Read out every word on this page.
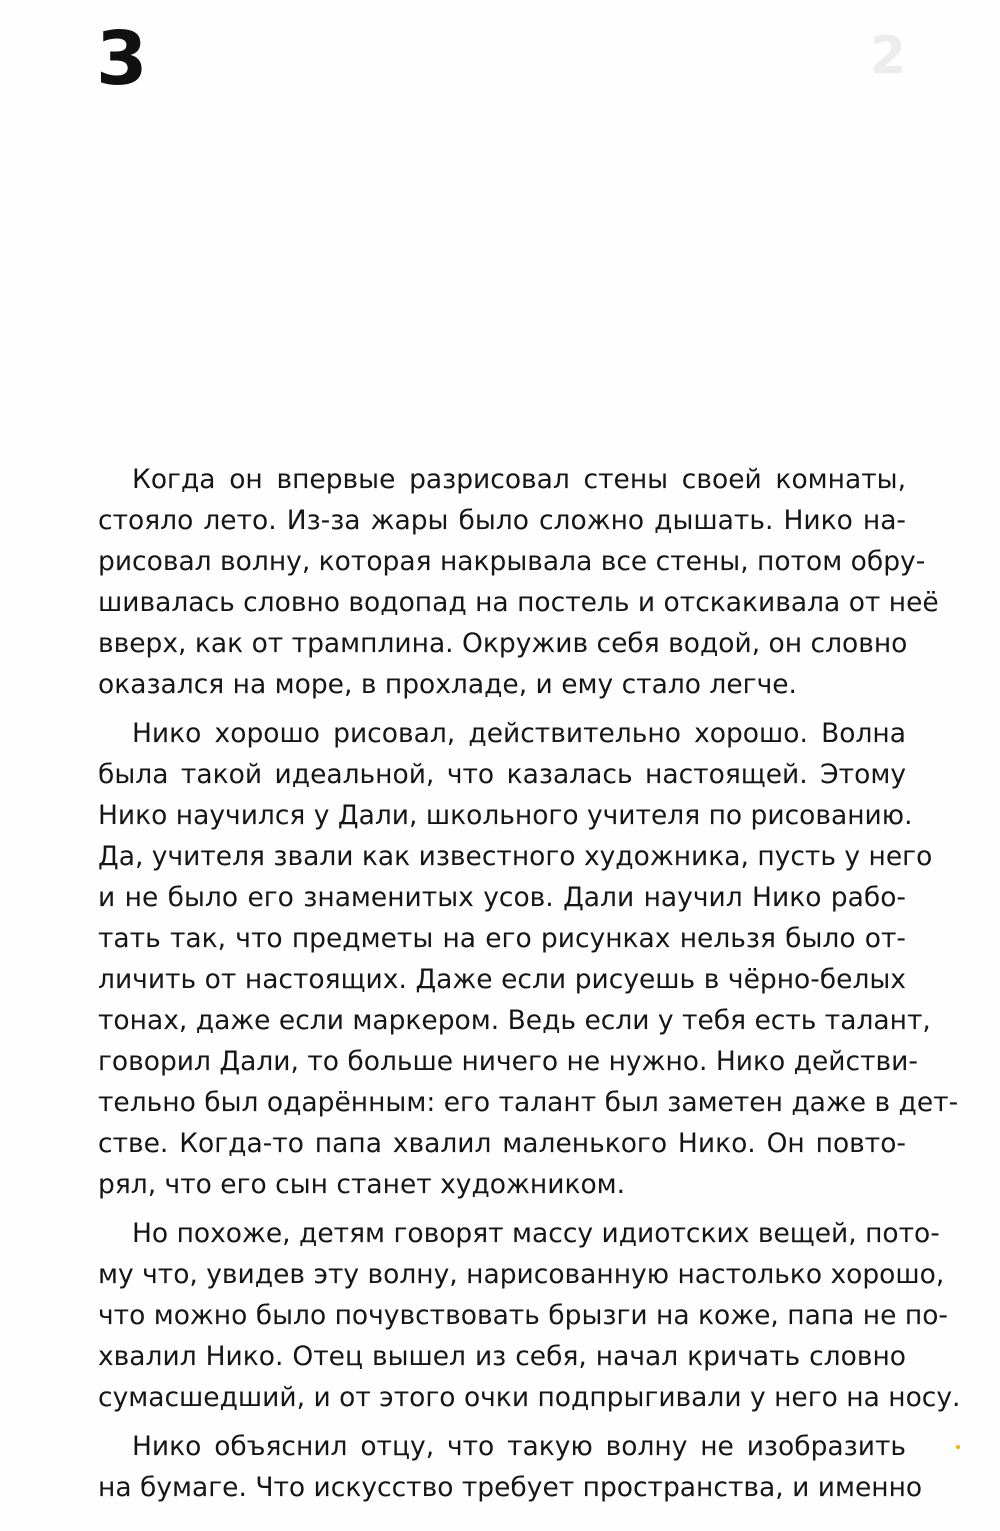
2
3
Когда он впервые разрисовал стены своей комнаты,
стояло лето. Из-за жары было сложно дышать. Нико на-
рисовал волну, которая накрывала все стены, потом обру-
шивалась словно водопад на постель и отскакивала от неё
вверх, как от трамплина. Окружив себя водой, он словно
оказался на море, в прохладе, и ему стало легче.
Нико хорошо рисовал, действительно хорошо. Волна
была такой идеальной, что казалась настоящей. Этому
Нико научился у Дали, школьного учителя по рисованию.
Да, учителя звали как известного художника, пусть у него
и не было его знаменитых усов. Дали научил Нико рабо-
тать так, что предметы на его рисунках нельзя было от-
личить от настоящих. Даже если рисуешь в чёрно-белых
тонах, даже если маркером. Ведь если у тебя есть талант,
говорил Дали, то больше ничего не нужно. Нико действи-
тельно был одарённым: его талант был заметен даже в дет-
стве. Когда-то папа хвалил маленького Нико. Он повто-
рял, что его сын станет художником.
Но похоже, детям говорят массу идиотских вещей, пото-
му что, увидев эту волну, нарисованную настолько хорошо,
что можно было почувствовать брызги на коже, папа не по-
хвалил Нико. Отец вышел из себя, начал кричать словно
сумасшедший, и от этого очки подпрыгивали у него на носу.
Нико объяснил отцу, что такую волну не изобразить
на бумаге. Что искусство требует пространства, и именно
